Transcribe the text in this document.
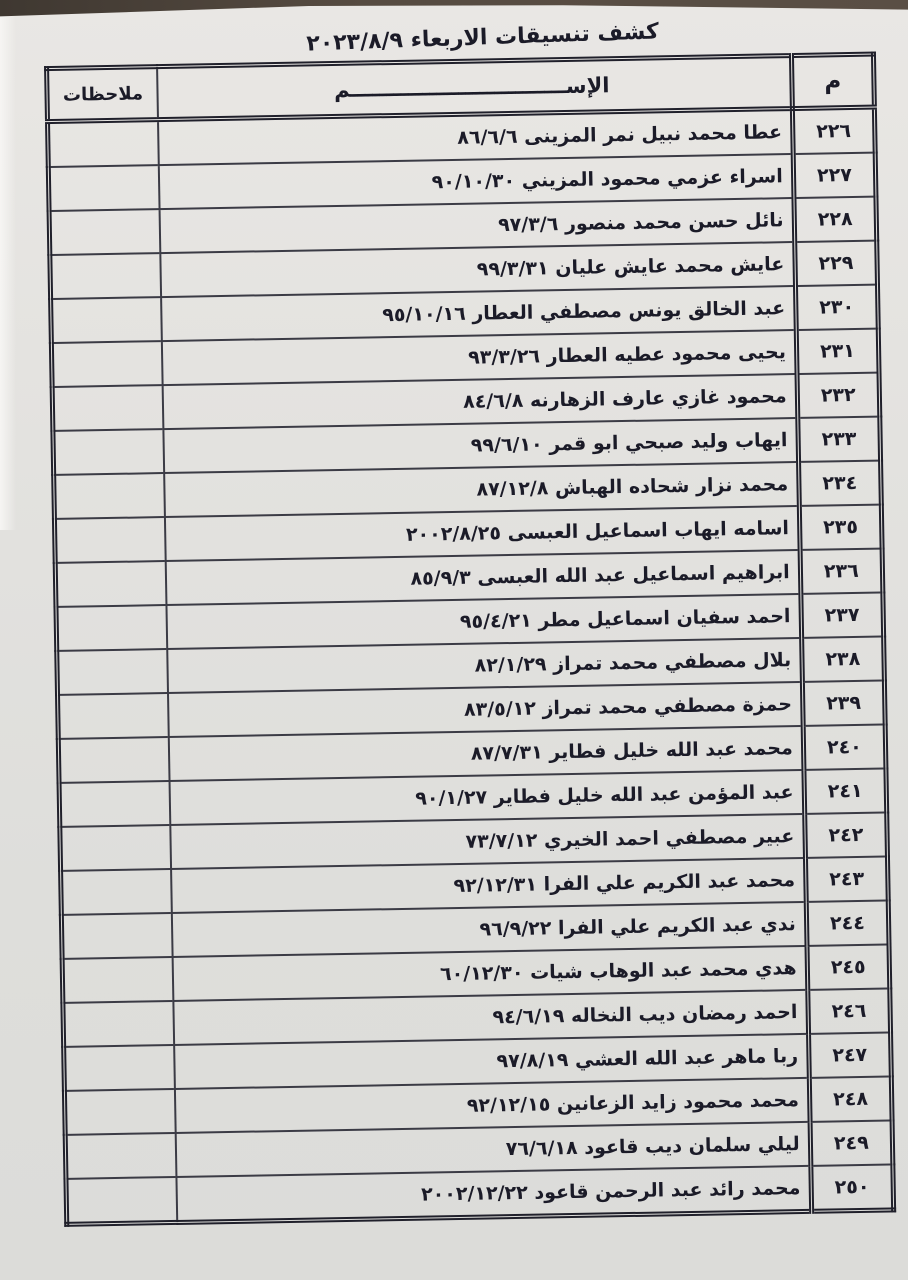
كشف تنسيقات الاربعاء ٢٠٢٣/٨/٩
م	الإســــــــــــــــــــــــــــــم	ملاحظات
٢٢٦	عطا محمد نبيل نمر المزينى ٨٦/٦/٦	
٢٢٧	اسراء عزمي محمود المزيني ٩٠/١٠/٣٠	
٢٢٨	نائل حسن محمد منصور ٩٧/٣/٦	
٢٢٩	عايش محمد عايش عليان ٩٩/٣/٣١	
٢٣٠	عبد الخالق يونس مصطفي العطار ٩٥/١٠/١٦	
٢٣١	يحيى محمود عطيه العطار ٩٣/٣/٢٦	
٢٣٢	محمود غازي عارف الزهارنه ٨٤/٦/٨	
٢٣٣	ايهاب وليد صبحي ابو قمر ٩٩/٦/١٠	
٢٣٤	محمد نزار شحاده الهباش ٨٧/١٢/٨	
٢٣٥	اسامه ايهاب اسماعيل العبسى ٢٠٠٢/٨/٢٥	
٢٣٦	ابراهيم اسماعيل عبد الله العبسى ٨٥/٩/٣	
٢٣٧	احمد سفيان اسماعيل مطر ٩٥/٤/٢١	
٢٣٨	بلال مصطفي محمد تمراز ٨٢/١/٢٩	
٢٣٩	حمزة مصطفي محمد تمراز ٨٣/٥/١٢	
٢٤٠	محمد عبد الله خليل فطاير ٨٧/٧/٣١	
٢٤١	عبد المؤمن عبد الله خليل فطاير ٩٠/١/٢٧	
٢٤٢	عبير مصطفي احمد الخيري ٧٣/٧/١٢	
٢٤٣	محمد عبد الكريم علي الفرا ٩٢/١٢/٣١	
٢٤٤	ندي عبد الكريم علي الفرا ٩٦/٩/٢٢	
٢٤٥	هدي محمد عبد الوهاب شيات ٦٠/١٢/٣٠	
٢٤٦	احمد رمضان ديب النخاله ٩٤/٦/١٩	
٢٤٧	ربا ماهر عبد الله العشي ٩٧/٨/١٩	
٢٤٨	محمد محمود زايد الزعانين ٩٢/١٢/١٥	
٢٤٩	ليلي سلمان ديب قاعود ٧٦/٦/١٨	
٢٥٠	محمد رائد عبد الرحمن قاعود ٢٠٠٢/١٢/٢٢	
